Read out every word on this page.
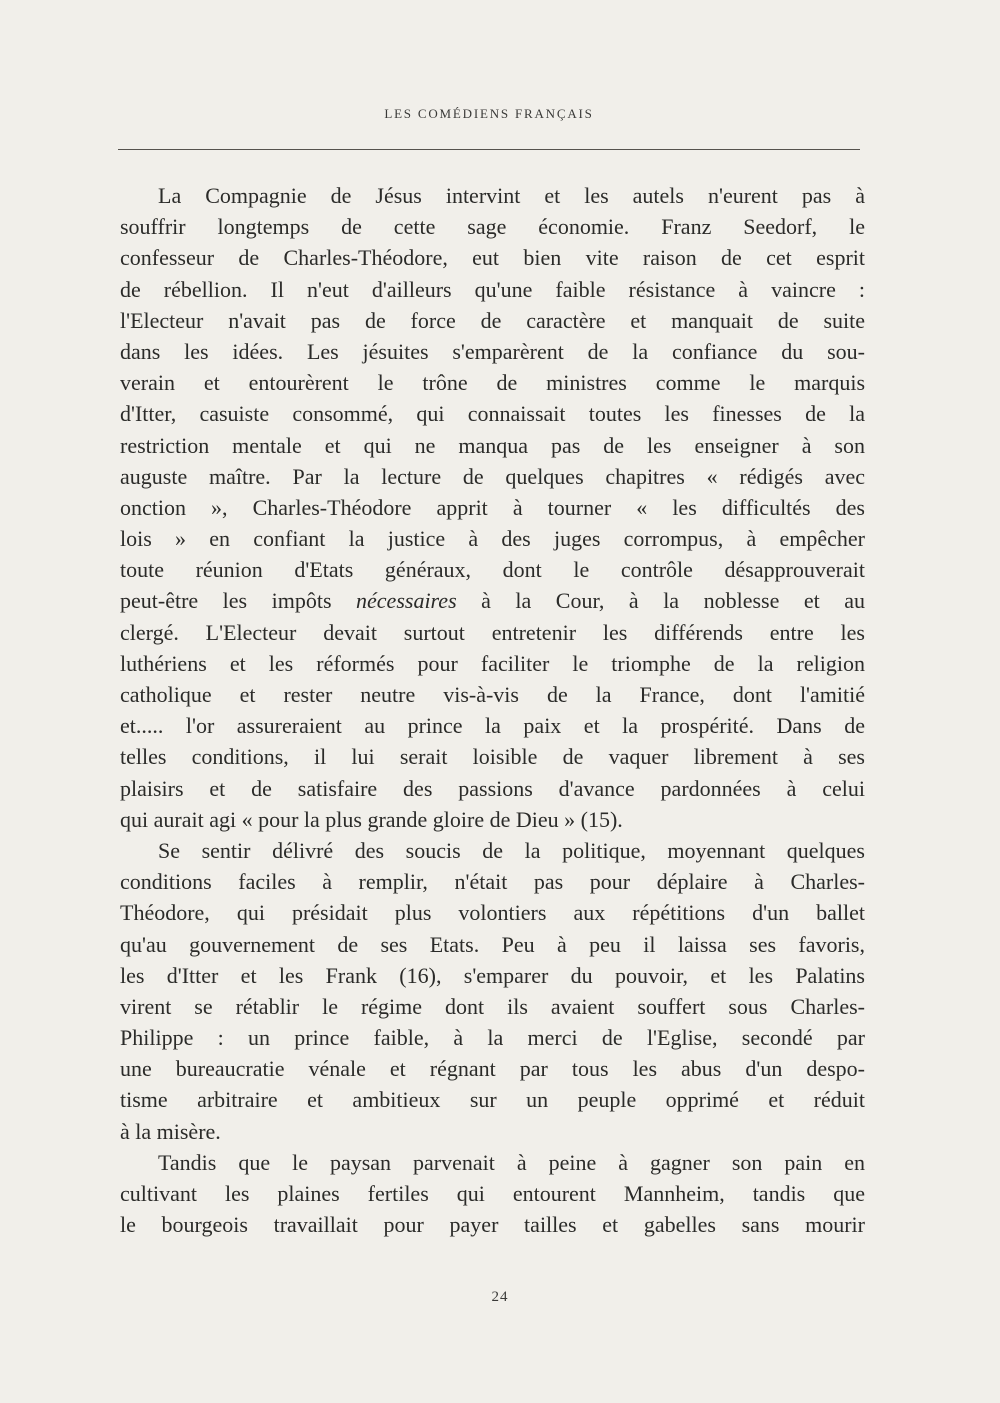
LES COMÉDIENS FRANÇAIS
La Compagnie de Jésus intervint et les autels n'eurent pas à
souffrir longtemps de cette sage économie. Franz Seedorf, le
confesseur de Charles-Théodore, eut bien vite raison de cet esprit
de rébellion. Il n'eut d'ailleurs qu'une faible résistance à vaincre :
l'Electeur n'avait pas de force de caractère et manquait de suite
dans les idées. Les jésuites s'emparèrent de la confiance du sou-
verain et entourèrent le trône de ministres comme le marquis
d'Itter, casuiste consommé, qui connaissait toutes les finesses de la
restriction mentale et qui ne manqua pas de les enseigner à son
auguste maître. Par la lecture de quelques chapitres « rédigés avec
onction », Charles-Théodore apprit à tourner « les difficultés des
lois » en confiant la justice à des juges corrompus, à empêcher
toute réunion d'Etats généraux, dont le contrôle désapprouverait
peut-être les impôts nécessaires à la Cour, à la noblesse et au
clergé. L'Electeur devait surtout entretenir les différends entre les
luthériens et les réformés pour faciliter le triomphe de la religion
catholique et rester neutre vis-à-vis de la France, dont l'amitié
et..... l'or assureraient au prince la paix et la prospérité. Dans de
telles conditions, il lui serait loisible de vaquer librement à ses
plaisirs et de satisfaire des passions d'avance pardonnées à celui
qui aurait agi « pour la plus grande gloire de Dieu » (15).
Se sentir délivré des soucis de la politique, moyennant quelques
conditions faciles à remplir, n'était pas pour déplaire à Charles-
Théodore, qui présidait plus volontiers aux répétitions d'un ballet
qu'au gouvernement de ses Etats. Peu à peu il laissa ses favoris,
les d'Itter et les Frank (16), s'emparer du pouvoir, et les Palatins
virent se rétablir le régime dont ils avaient souffert sous Charles-
Philippe : un prince faible, à la merci de l'Eglise, secondé par
une bureaucratie vénale et régnant par tous les abus d'un despo-
tisme arbitraire et ambitieux sur un peuple opprimé et réduit
à la misère.
Tandis que le paysan parvenait à peine à gagner son pain en
cultivant les plaines fertiles qui entourent Mannheim, tandis que
le bourgeois travaillait pour payer tailles et gabelles sans mourir
24
